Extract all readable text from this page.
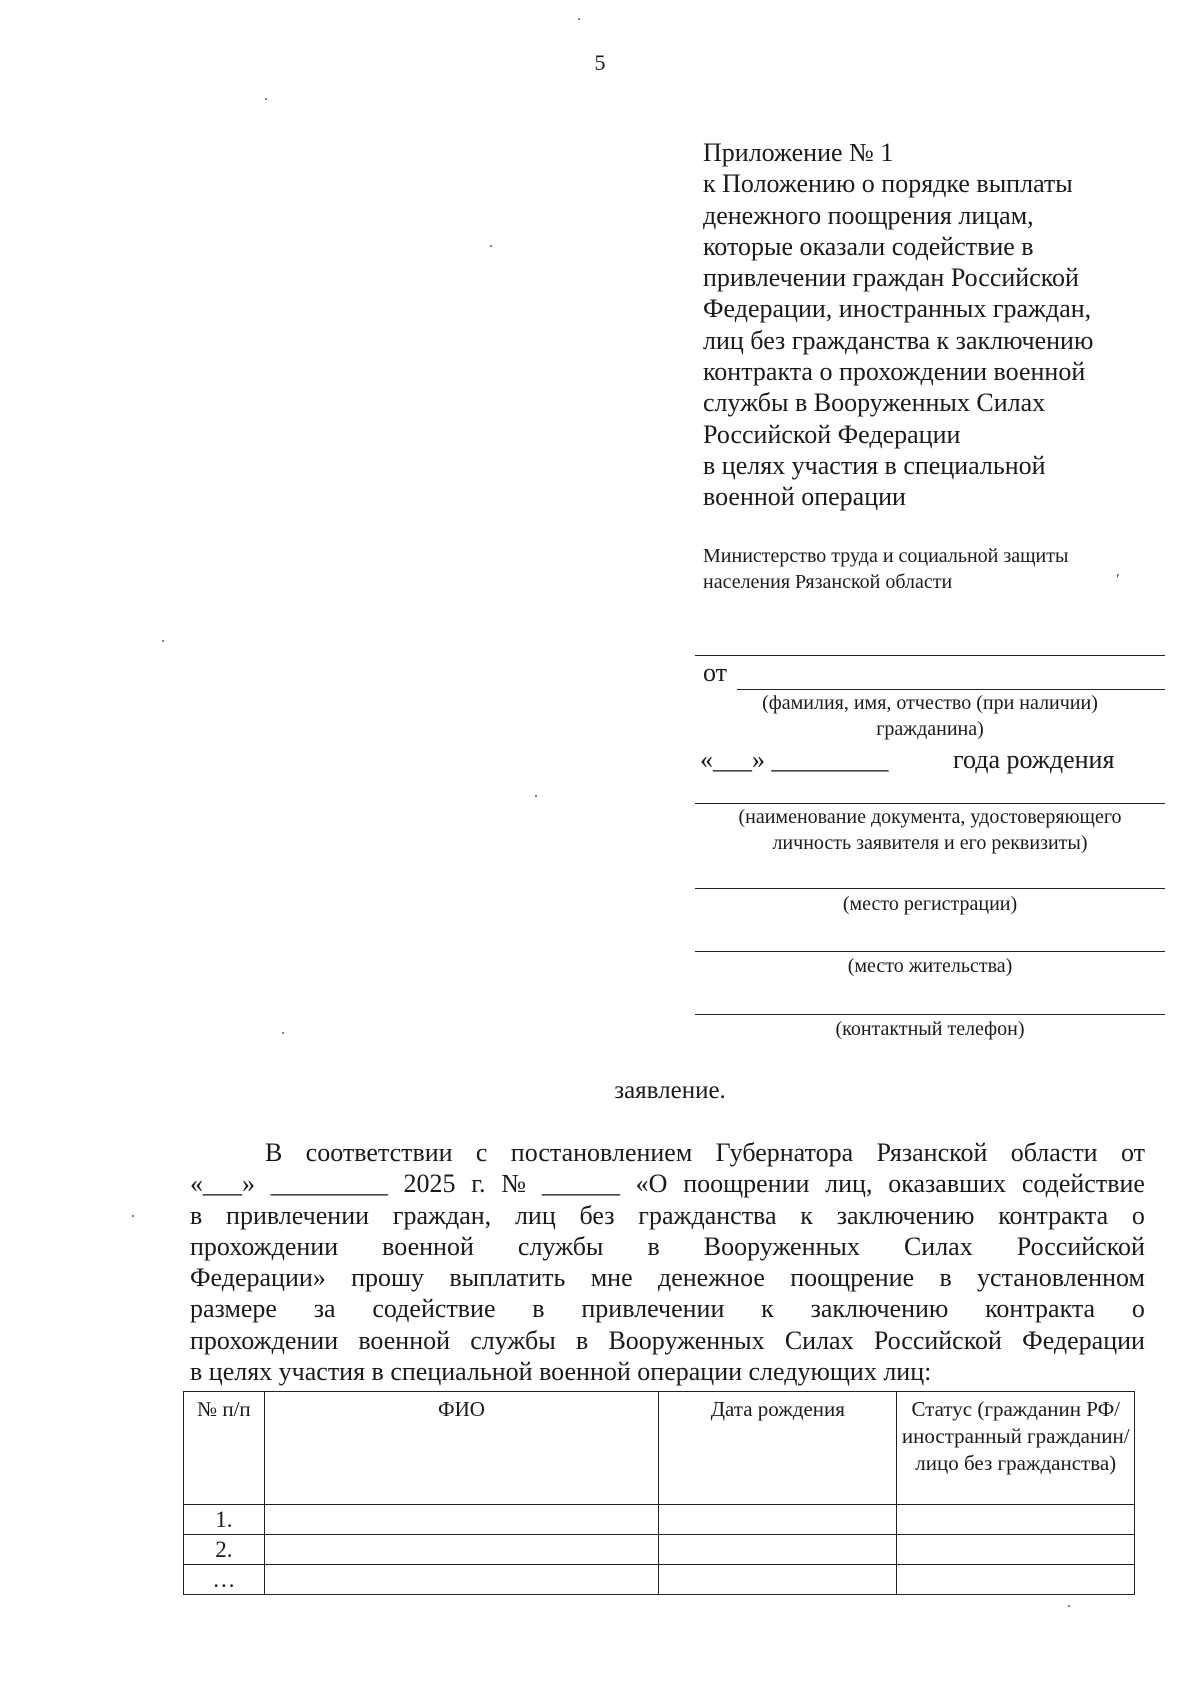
5
Приложение № 1
к Положению о порядке выплаты
денежного поощрения лицам,
которые оказали содействие в
привлечении граждан Российской
Федерации, иностранных граждан,
лиц без гражданства к заключению
контракта о прохождении военной
службы в Вооруженных Силах
Российской Федерации
в целях участия в специальной
военной операции
Министерство труда и социальной защиты
населения Рязанской области	ˊ
от
(фамилия, имя, отчество (при наличии)
гражданина)
«___» _________ года рождения
(наименование документа, удостоверяющего
личность заявителя и его реквизиты)
(место регистрации)
(место жительства)
(контактный телефон)
заявление.
В соответствии с постановлением Губернатора Рязанской области от
«___» _________ 2025 г. № ______ «О поощрении лиц, оказавших содействие
в привлечении граждан, лиц без гражданства к заключению контракта о
прохождении военной службы в Вооруженных Силах Российской
Федерации» прошу выплатить мне денежное поощрение в установленном
размере за содействие в привлечении к заключению контракта о
прохождении военной службы в Вооруженных Силах Российской Федерации
в целях участия в специальной военной операции следующих лиц:
№ п/п	ФИО	Дата рождения	Статус (гражданин РФ/иностранный гражданин/лицо без гражданства)
1.			
2.			
…			
